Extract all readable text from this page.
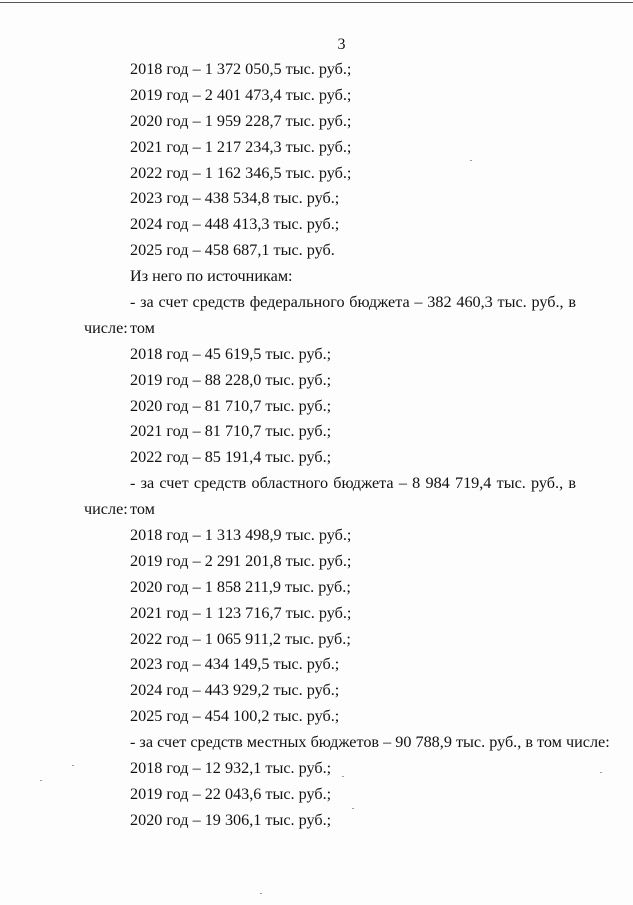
3
2018 год – 1 372 050,5 тыс. руб.;
2019 год – 2 401 473,4 тыс. руб.;
2020 год – 1 959 228,7 тыс. руб.;
2021 год – 1 217 234,3 тыс. руб.;
2022 год – 1 162 346,5 тыс. руб.;
2023 год – 438 534,8 тыс. руб.;
2024 год – 448 413,3 тыс. руб.;
2025 год – 458 687,1 тыс. руб.
Из него по источникам:
- за счет средств федерального бюджета – 382 460,3 тыс. руб., в том
числе:
2018 год – 45 619,5 тыс. руб.;
2019 год – 88 228,0 тыс. руб.;
2020 год – 81 710,7 тыс. руб.;
2021 год – 81 710,7 тыс. руб.;
2022 год – 85 191,4 тыс. руб.;
- за счет средств областного бюджета – 8 984 719,4 тыс. руб., в том
числе:
2018 год – 1 313 498,9 тыс. руб.;
2019 год – 2 291 201,8 тыс. руб.;
2020 год – 1 858 211,9 тыс. руб.;
2021 год – 1 123 716,7 тыс. руб.;
2022 год – 1 065 911,2 тыс. руб.;
2023 год – 434 149,5 тыс. руб.;
2024 год – 443 929,2 тыс. руб.;
2025 год – 454 100,2 тыс. руб.;
- за счет средств местных бюджетов – 90 788,9 тыс. руб., в том числе:
2018 год – 12 932,1 тыс. руб.;
2019 год – 22 043,6 тыс. руб.;
2020 год – 19 306,1 тыс. руб.;
